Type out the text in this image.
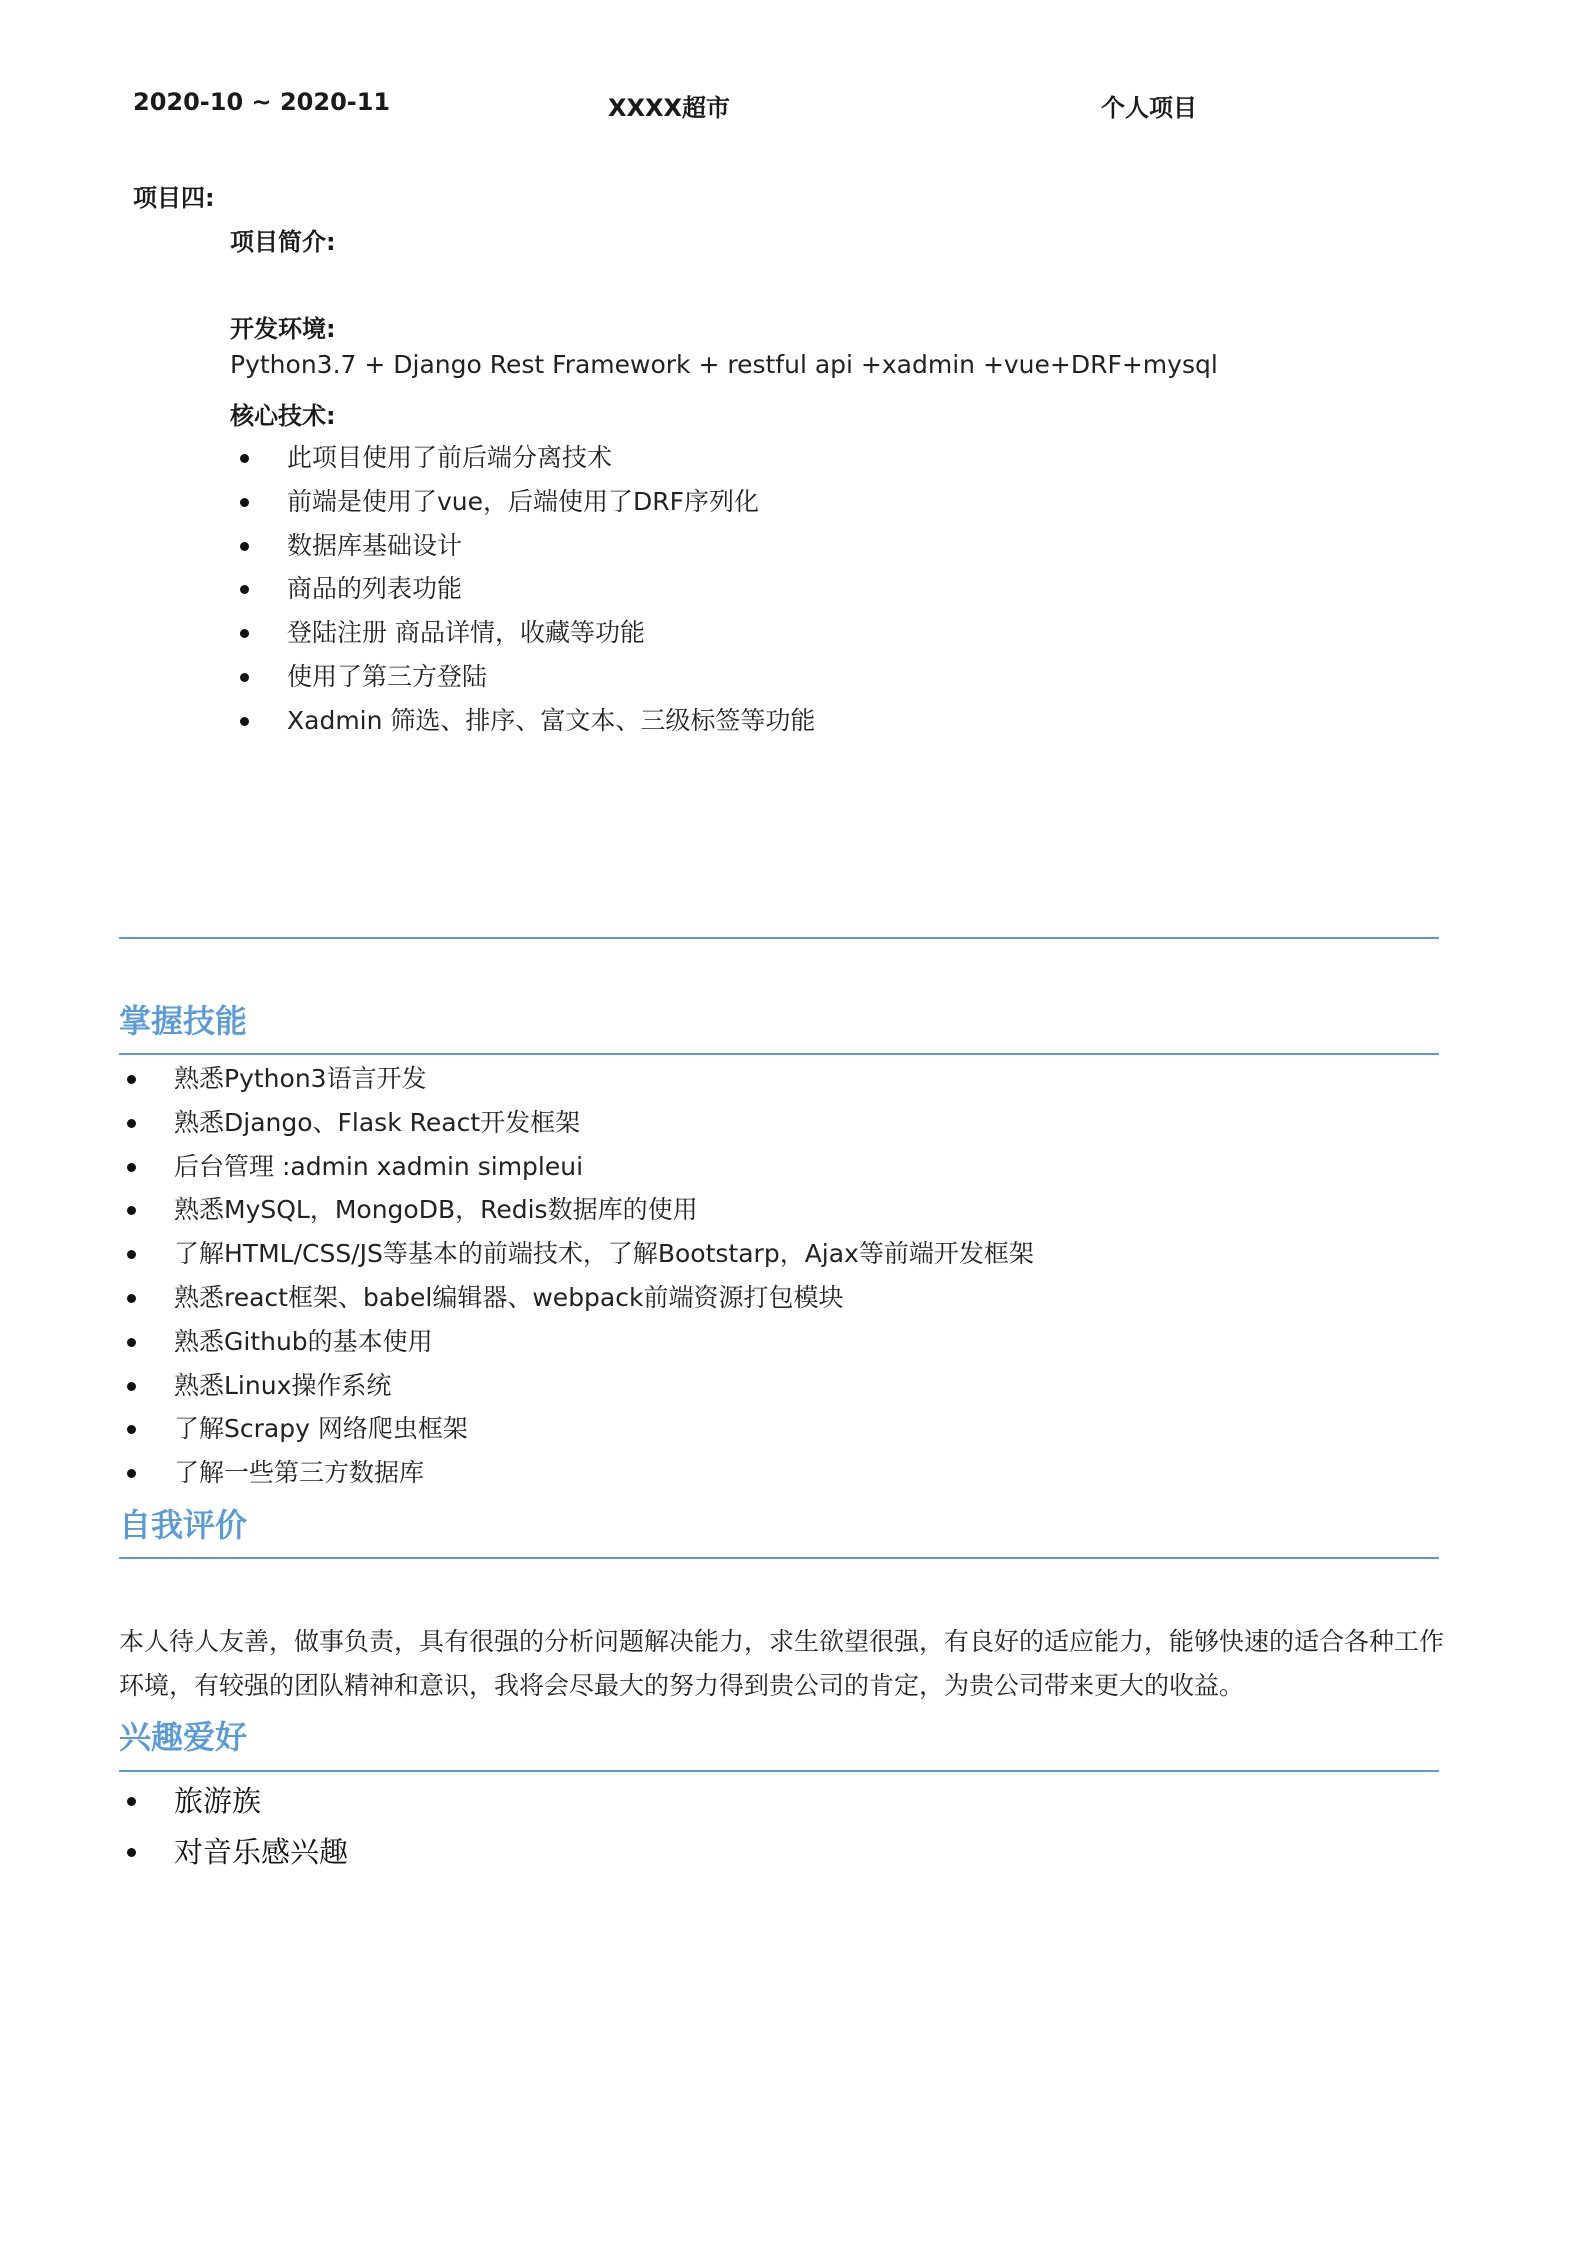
2020-10 ~ 2020-11	XXXX超市	个人项目
项目四:
项目简介:
开发环境:
Python3.7 + Django Rest Framework + restful api +xadmin +vue+DRF+mysql
核心技术:
此项目使用了前后端分离技术
前端是使用了vue，后端使用了DRF序列化
数据库基础设计
商品的列表功能
登陆注册 商品详情，收藏等功能
使用了第三方登陆
Xadmin 筛选、排序、富文本、三级标签等功能
掌握技能
熟悉Python3语言开发
熟悉Django、Flask React开发框架
后台管理 :admin xadmin simpleui
熟悉MySQL，MongoDB，Redis数据库的使用
了解HTML/CSS/JS等基本的前端技术，了解Bootstarp，Ajax等前端开发框架
熟悉react框架、babel编辑器、webpack前端资源打包模块
熟悉Github的基本使用
熟悉Linux操作系统
了解Scrapy 网络爬虫框架
了解一些第三方数据库
自我评价
本人待人友善，做事负责，具有很强的分析问题解决能力，求生欲望很强，有良好的适应能力，能够快速的适合各种工作环境，有较强的团队精神和意识，我将会尽最大的努力得到贵公司的肯定，为贵公司带来更大的收益。
兴趣爱好
旅游族
对音乐感兴趣
